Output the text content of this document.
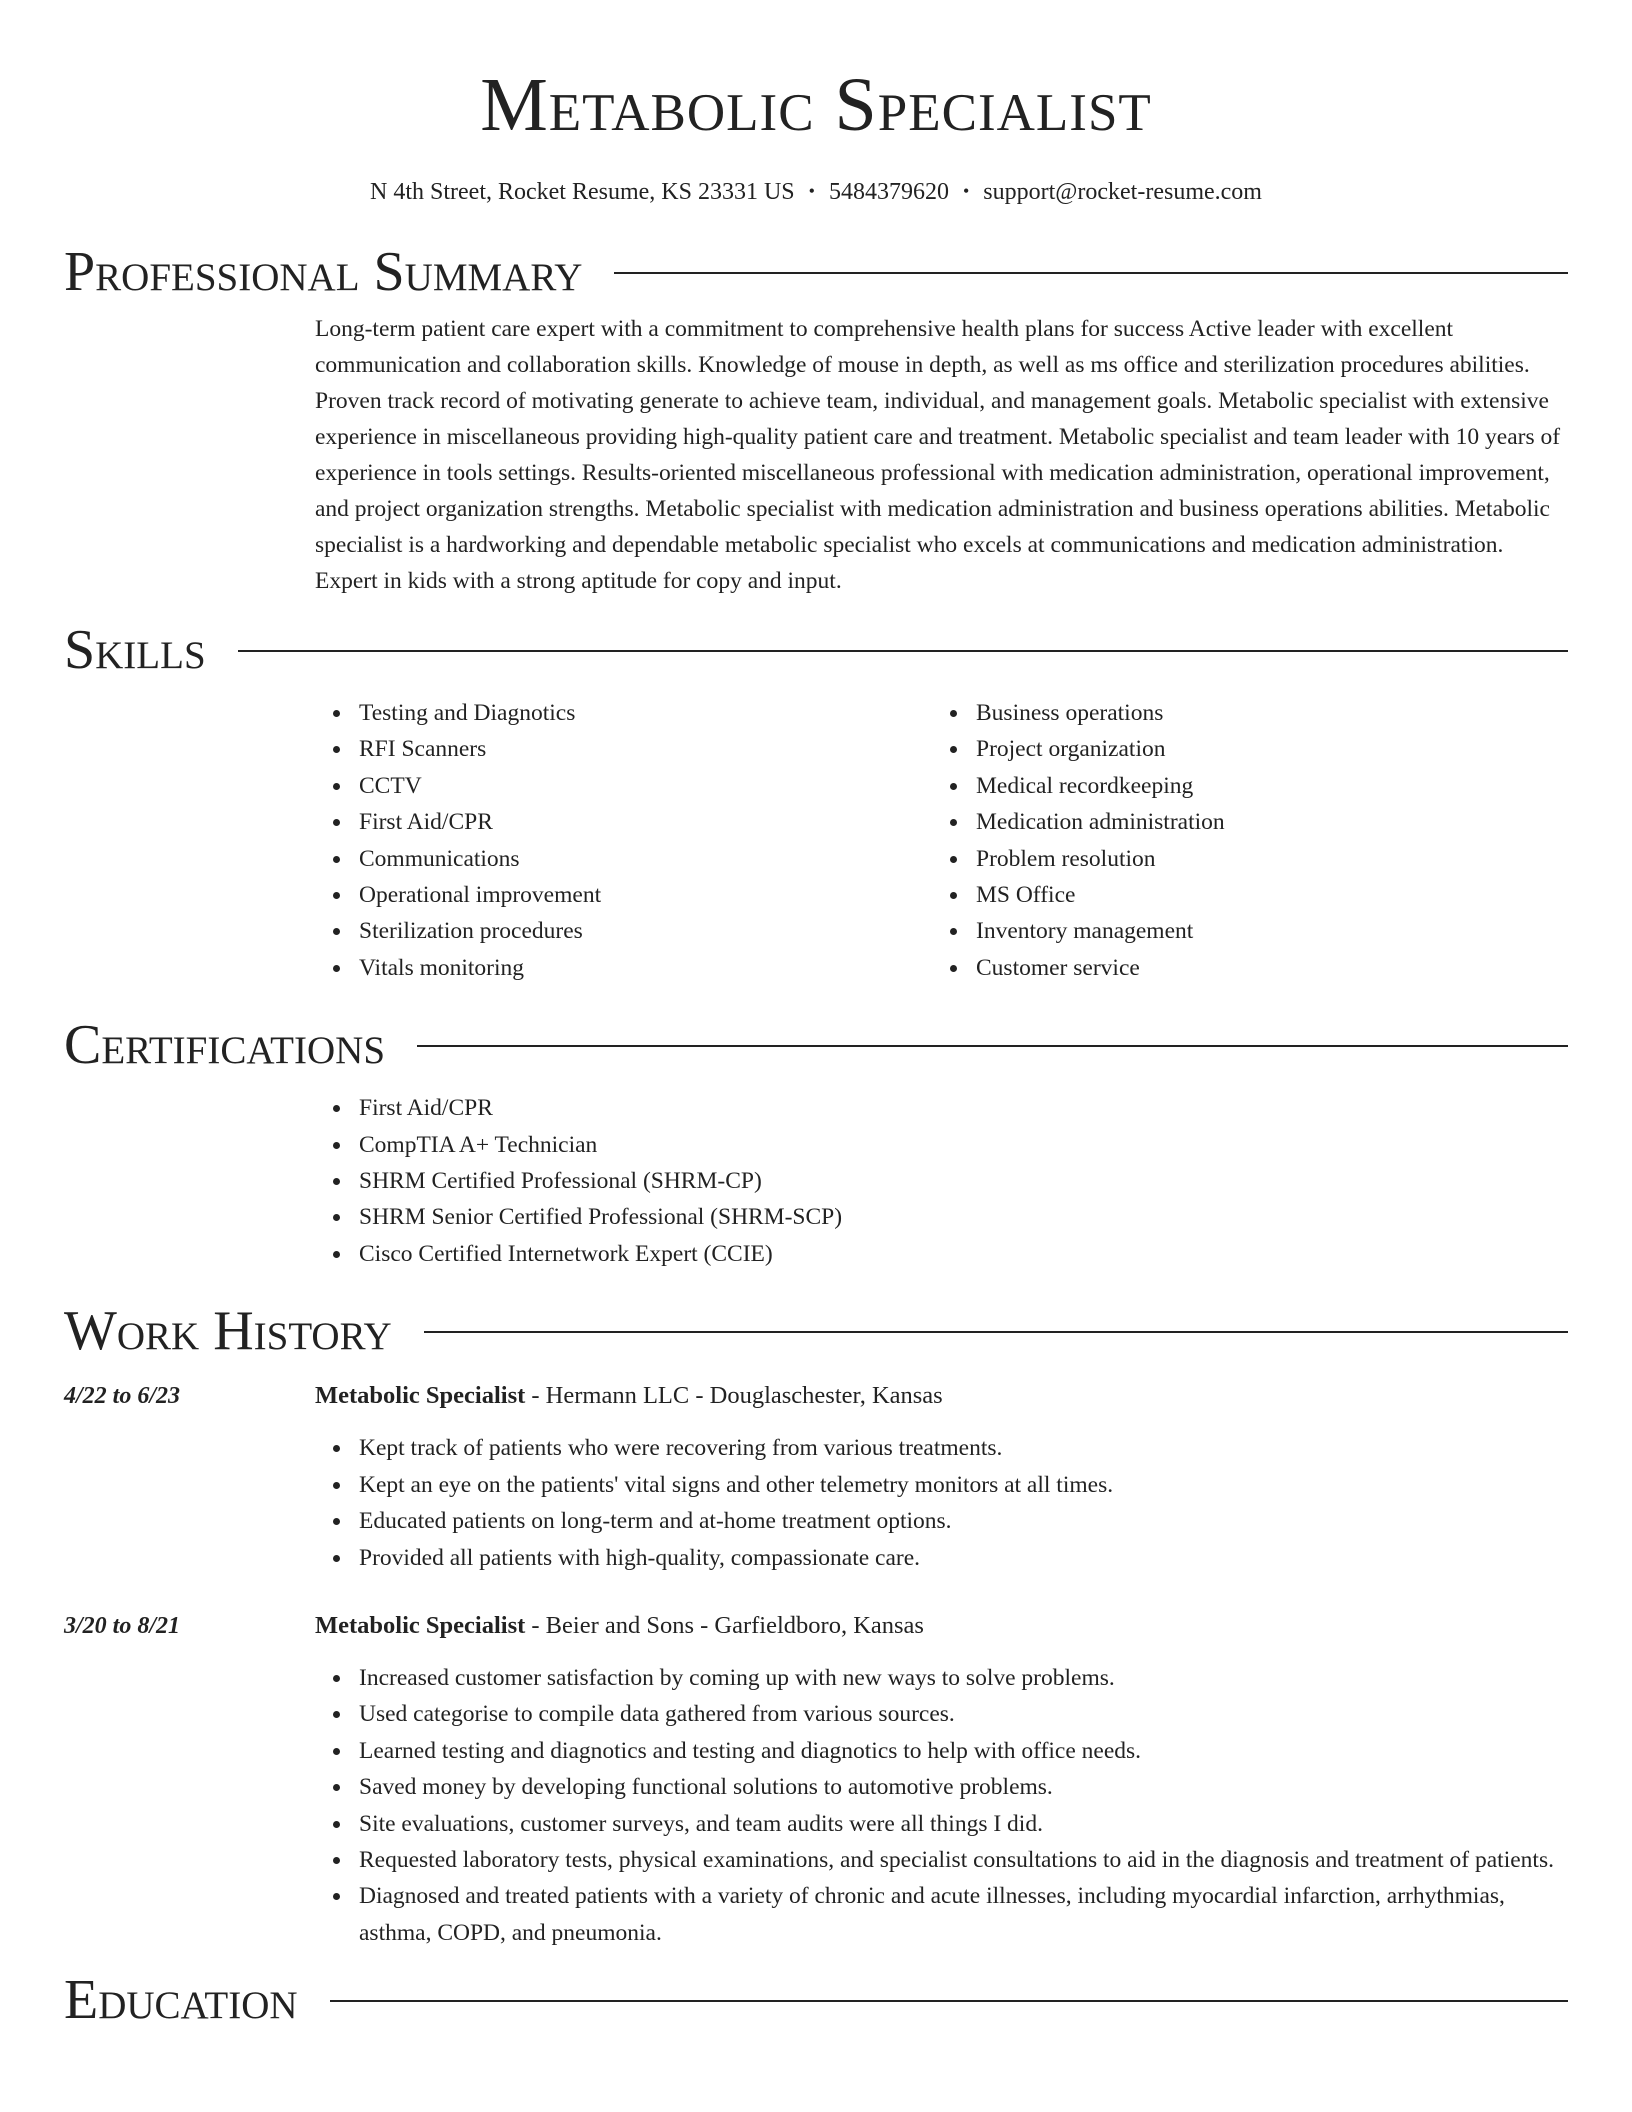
Metabolic Specialist
N 4th Street, Rocket Resume, KS 23331 US • 5484379620 • support@rocket-resume.com
Professional Summary

Long-term patient care expert with a commitment to comprehensive health plans for success Active leader with excellent communication and collaboration skills. Knowledge of mouse in depth, as well as ms office and sterilization procedures abilities. Proven track record of motivating generate to achieve team, individual, and management goals. Metabolic specialist with extensive experience in miscellaneous providing high-quality patient care and treatment. Metabolic specialist and team leader with 10 years of experience in tools settings. Results-oriented miscellaneous professional with medication administration, operational improvement, and project organization strengths. Metabolic specialist with medication administration and business operations abilities. Metabolic specialist is a hardworking and dependable metabolic specialist who excels at communications and medication administration. Expert in kids with a strong aptitude for copy and input.

Skills
Testing and Diagnotics
RFI Scanners
CCTV
First Aid/CPR
Communications
Operational improvement
Sterilization procedures
Vitals monitoring
Business operations
Project organization
Medical recordkeeping
Medication administration
Problem resolution
MS Office
Inventory management
Customer service
Certifications
First Aid/CPR
CompTIA A+ Technician
SHRM Certified Professional (SHRM-CP)
SHRM Senior Certified Professional (SHRM-SCP)
Cisco Certified Internetwork Expert (CCIE)
Work History
4/22 to 6/23	Metabolic Specialist - Hermann LLC - Douglaschester, Kansas
Kept track of patients who were recovering from various treatments.
Kept an eye on the patients' vital signs and other telemetry monitors at all times.
Educated patients on long-term and at-home treatment options.
Provided all patients with high-quality, compassionate care.
3/20 to 8/21	Metabolic Specialist - Beier and Sons - Garfieldboro, Kansas
Increased customer satisfaction by coming up with new ways to solve problems.
Used categorise to compile data gathered from various sources.
Learned testing and diagnotics and testing and diagnotics to help with office needs.
Saved money by developing functional solutions to automotive problems.
Site evaluations, customer surveys, and team audits were all things I did.
Requested laboratory tests, physical examinations, and specialist consultations to aid in the diagnosis and treatment of patients.
Diagnosed and treated patients with a variety of chronic and acute illnesses, including myocardial infarction, arrhythmias, asthma, COPD, and pneumonia.
Education
